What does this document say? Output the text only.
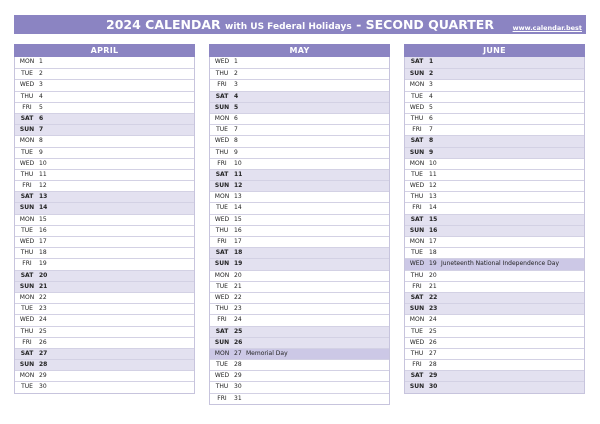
2024 CALENDAR with US Federal Holidays - SECOND QUARTER	www.calendar.best
APRIL
MON 1
TUE	2
WED 3
THU 4
FRI	5
SAT 6
SUN 7
MON 8
TUE	9
WED 10
THU 11
FRI	12
SAT 13
SUN 14
MON 15
TUE	16
WED 17
THU 18
FRI	19
SAT 20
SUN 21
MON 22
TUE	23
WED 24
THU 25
FRI	26
SAT 27
SUN 28
MON 29
TUE	30
MAY
WED 1
THU 2
FRI	3
SAT 4
SUN 5
MON 6
TUE	7
WED 8
THU 9
FRI	10
SAT 11
SUN 12
MON 13
TUE	14
WED 15
THU 16
FRI	17
SAT 18
SUN 19
MON 20
TUE	21
WED 22
THU 23
FRI	24
SAT 25
SUN 26
MON 27 Memorial Day
TUE	28
WED 29
THU 30
FRI	31
JUNE
SAT 1
SUN 2
MON 3
TUE	4
WED 5
THU 6
FRI	7
SAT 8
SUN 9
MON 10
TUE	11
WED 12
THU 13
FRI	14
SAT 15
SUN 16
MON 17
TUE	18
WED 19 Juneteenth National Independence Day
THU 20
FRI	21
SAT 22
SUN 23
MON 24
TUE	25
WED 26
THU 27
FRI	28
SAT 29
SUN 30
